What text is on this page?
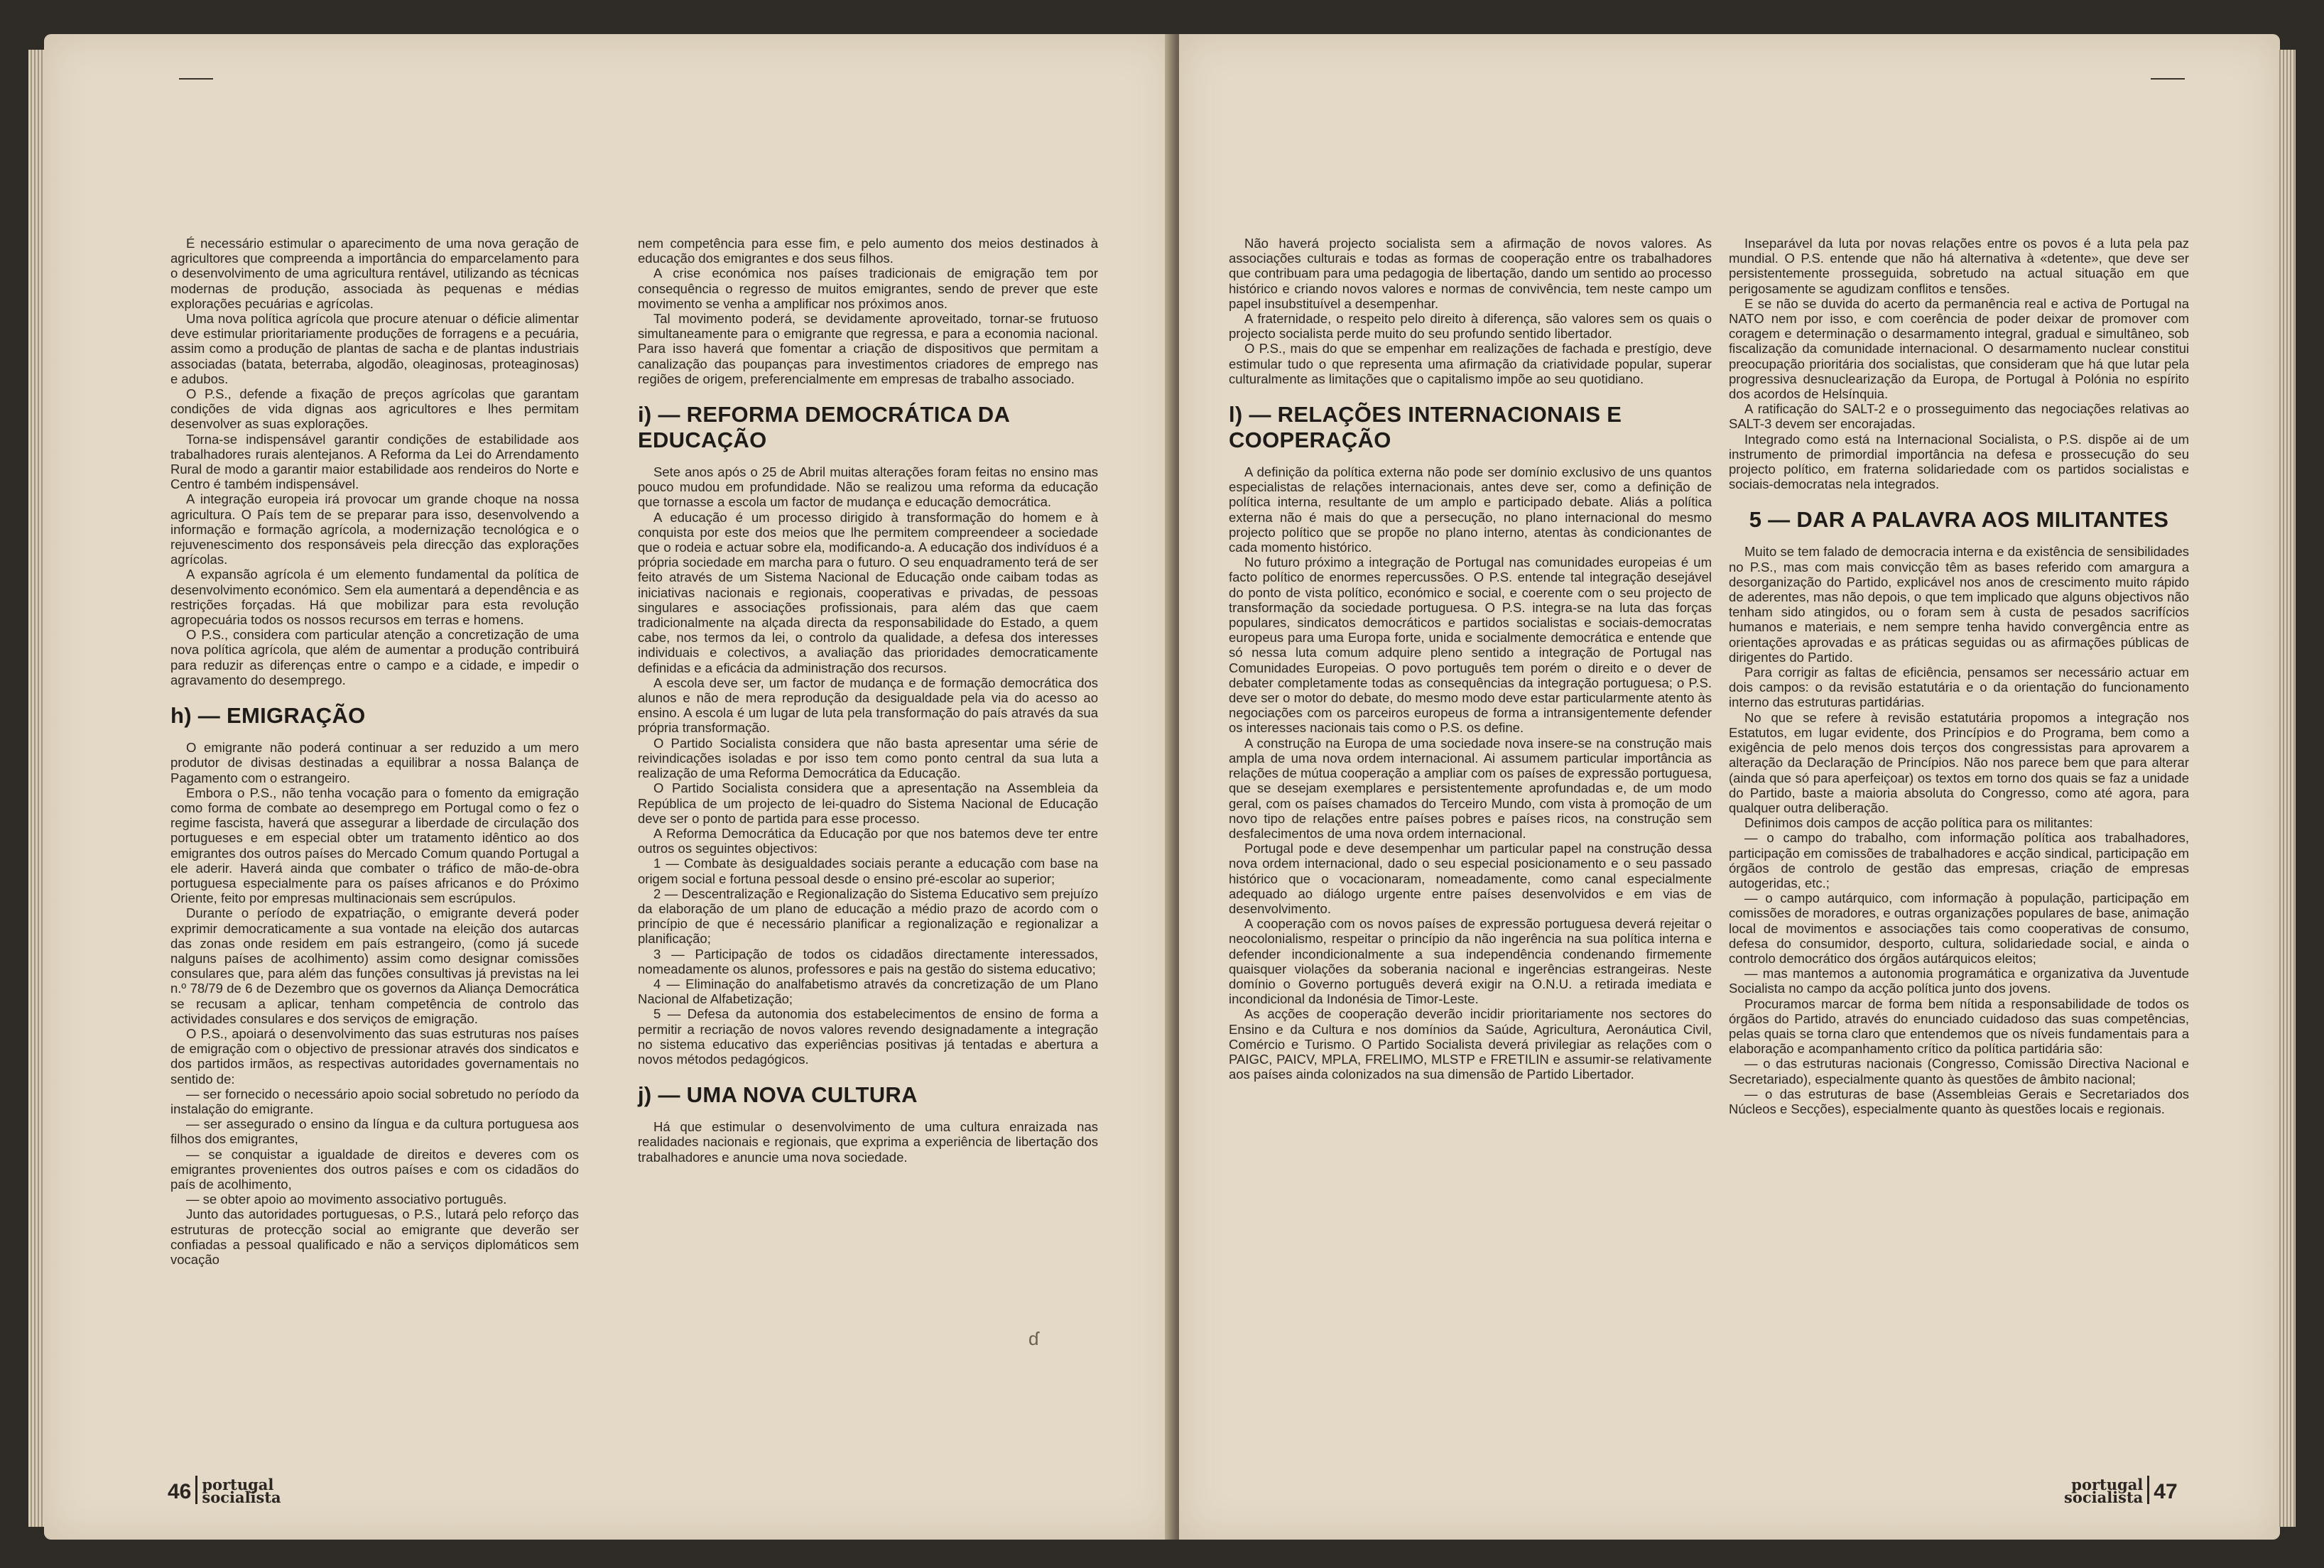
É necessário estimular o aparecimento de uma nova geração de agricultores que compreenda a importância do emparcelamento para o desenvolvimento de uma agricultura rentável, utilizando as técnicas modernas de produção, associada às pequenas e médias explorações pecuárias e agrícolas.

Uma nova política agrícola que procure atenuar o déficie alimentar deve estimular prioritariamente produções de forragens e a pecuária, assim como a produção de plantas de sacha e de plantas industriais associadas (batata, beterraba, algodão, oleaginosas, proteaginosas) e adubos.

O P.S., defende a fixação de preços agrícolas que garantam condições de vida dignas aos agricultores e lhes permitam desenvolver as suas explorações.

Torna-se indispensável garantir condições de estabilidade aos trabalhadores rurais alentejanos. A Reforma da Lei do Arrendamento Rural de modo a garantir maior estabilidade aos rendeiros do Norte e Centro é também indispensável.

A integração europeia irá provocar um grande choque na nossa agricultura. O País tem de se preparar para isso, desenvolvendo a informação e formação agrícola, a modernização tecnológica e o rejuvenescimento dos responsáveis pela direcção das explorações agrícolas.

A expansão agrícola é um elemento fundamental da política de desenvolvimento económico. Sem ela aumentará a dependência e as restrições forçadas. Há que mobilizar para esta revolução agropecuária todos os nossos recursos em terras e homens.

O P.S., considera com particular atenção a concretização de uma nova política agrícola, que além de aumentar a produção contribuirá para reduzir as diferenças entre o campo e a cidade, e impedir o agravamento do desemprego.

h) — EMIGRAÇÃO

O emigrante não poderá continuar a ser reduzido a um mero produtor de divisas destinadas a equilibrar a nossa Balança de Pagamento com o estrangeiro.

Embora o P.S., não tenha vocação para o fomento da emigração como forma de combate ao desemprego em Portugal como o fez o regime fascista, haverá que assegurar a liberdade de circulação dos portugueses e em especial obter um tratamento idêntico ao dos emigrantes dos outros países do Mercado Comum quando Portugal a ele aderir. Haverá ainda que combater o tráfico de mão-de-obra portuguesa especialmente para os países africanos e do Próximo Oriente, feito por empresas multinacionais sem escrúpulos.

Durante o período de expatriação, o emigrante deverá poder exprimir democraticamente a sua vontade na eleição dos autarcas das zonas onde residem em país estrangeiro, (como já sucede nalguns países de acolhimento) assim como designar comissões consulares que, para além das funções consultivas já previstas na lei n.º 78/79 de 6 de Dezembro que os governos da Aliança Democrática se recusam a aplicar, tenham competência de controlo das actividades consulares e dos serviços de emigração.

O P.S., apoiará o desenvolvimento das suas estruturas nos países de emigração com o objectivo de pressionar através dos sindicatos e dos partidos irmãos, as respectivas autoridades governamentais no sentido de:

— ser fornecido o necessário apoio social sobretudo no período da instalação do emigrante.

— ser assegurado o ensino da língua e da cultura portuguesa aos filhos dos emigrantes,

— se conquistar a igualdade de direitos e deveres com os emigrantes provenientes dos outros países e com os cidadãos do país de acolhimento,

— se obter apoio ao movimento associativo português.

Junto das autoridades portuguesas, o P.S., lutará pelo reforço das estruturas de protecção social ao emigrante que deverão ser confiadas a pessoal qualificado e não a serviços diplomáticos sem vocação

nem competência para esse fim, e pelo aumento dos meios destinados à educação dos emigrantes e dos seus filhos.

A crise económica nos países tradicionais de emigração tem por consequência o regresso de muitos emigrantes, sendo de prever que este movimento se venha a amplificar nos próximos anos.

Tal movimento poderá, se devidamente aproveitado, tornar-se frutuoso simultaneamente para o emigrante que regressa, e para a economia nacional. Para isso haverá que fomentar a criação de dispositivos que permitam a canalização das poupanças para investimentos criadores de emprego nas regiões de origem, preferencialmente em empresas de trabalho associado.

i) — REFORMA DEMOCRÁTICA DA EDUCAÇÃO

Sete anos após o 25 de Abril muitas alterações foram feitas no ensino mas pouco mudou em profundidade. Não se realizou uma reforma da educação que tornasse a escola um factor de mudança e educação democrática.

A educação é um processo dirigido à transformação do homem e à conquista por este dos meios que lhe permitem compreendeer a sociedade que o rodeia e actuar sobre ela, modificando-a. A educação dos indivíduos é a própria sociedade em marcha para o futuro. O seu enquadramento terá de ser feito através de um Sistema Nacional de Educação onde caibam todas as iniciativas nacionais e regionais, cooperativas e privadas, de pessoas singulares e associações profissionais, para além das que caem tradicionalmente na alçada directa da responsabilidade do Estado, a quem cabe, nos termos da lei, o controlo da qualidade, a defesa dos interesses individuais e colectivos, a avaliação das prioridades democraticamente definidas e a eficácia da administração dos recursos.

A escola deve ser, um factor de mudança e de formação democrática dos alunos e não de mera reprodução da desigualdade pela via do acesso ao ensino. A escola é um lugar de luta pela transformação do país através da sua própria transformação.

O Partido Socialista considera que não basta apresentar uma série de reivindicações isoladas e por isso tem como ponto central da sua luta a realização de uma Reforma Democrática da Educação.

O Partido Socialista considera que a apresentação na Assembleia da República de um projecto de lei-quadro do Sistema Nacional de Educação deve ser o ponto de partida para esse processo.

A Reforma Democrática da Educação por que nos batemos deve ter entre outros os seguintes objectivos:

1 — Combate às desigualdades sociais perante a educação com base na origem social e fortuna pessoal desde o ensino pré-escolar ao superior;

2 — Descentralização e Regionalização do Sistema Educativo sem prejuízo da elaboração de um plano de educação a médio prazo de acordo com o princípio de que é necessário planificar a regionalização e regionalizar a planificação;

3 — Participação de todos os cidadãos directamente interessados, nomeadamente os alunos, professores e pais na gestão do sistema educativo;

4 — Eliminação do analfabetismo através da concretização de um Plano Nacional de Alfabetização;

5 — Defesa da autonomia dos estabelecimentos de ensino de forma a permitir a recriação de novos valores revendo designadamente a integração no sistema educativo das experiências positivas já tentadas e abertura a novos métodos pedagógicos.

j) — UMA NOVA CULTURA

Há que estimular o desenvolvimento de uma cultura enraizada nas realidades nacionais e regionais, que exprima a experiência de libertação dos trabalhadores e anuncie uma nova sociedade.

Não haverá projecto socialista sem a afirmação de novos valores. As associações culturais e todas as formas de cooperação entre os trabalhadores que contribuam para uma pedagogia de libertação, dando um sentido ao processo histórico e criando novos valores e normas de convivência, tem neste campo um papel insubstituível a desempenhar.

A fraternidade, o respeito pelo direito à diferença, são valores sem os quais o projecto socialista perde muito do seu profundo sentido libertador.

O P.S., mais do que se empenhar em realizações de fachada e prestígio, deve estimular tudo o que representa uma afirmação da criatividade popular, superar culturalmente as limitações que o capitalismo impõe ao seu quotidiano.

l) — RELAÇÕES INTERNACIONAIS E COOPERAÇÃO

A definição da política externa não pode ser domínio exclusivo de uns quantos especialistas de relações internacionais, antes deve ser, como a definição de política interna, resultante de um amplo e participado debate. Aliás a política externa não é mais do que a persecução, no plano internacional do mesmo projecto político que se propõe no plano interno, atentas às condicionantes de cada momento histórico.

No futuro próximo a integração de Portugal nas comunidades europeias é um facto político de enormes repercussões. O P.S. entende tal integração desejável do ponto de vista político, económico e social, e coerente com o seu projecto de transformação da sociedade portuguesa. O P.S. integra-se na luta das forças populares, sindicatos democráticos e partidos socialistas e sociais-democratas europeus para uma Europa forte, unida e socialmente democrática e entende que só nessa luta comum adquire pleno sentido a integração de Portugal nas Comunidades Europeias. O povo português tem porém o direito e o dever de debater completamente todas as consequências da integração portuguesa; o P.S. deve ser o motor do debate, do mesmo modo deve estar particularmente atento às negociações com os parceiros europeus de forma a intransigentemente defender os interesses nacionais tais como o P.S. os define.

A construção na Europa de uma sociedade nova insere-se na construção mais ampla de uma nova ordem internacional. Ai assumem particular importância as relações de mútua cooperação a ampliar com os países de expressão portuguesa, que se desejam exemplares e persistentemente aprofundadas e, de um modo geral, com os países chamados do Terceiro Mundo, com vista à promoção de um novo tipo de relações entre países pobres e países ricos, na construção sem desfalecimentos de uma nova ordem internacional.

Portugal pode e deve desempenhar um particular papel na construção dessa nova ordem internacional, dado o seu especial posicionamento e o seu passado histórico que o vocacionaram, nomeadamente, como canal especialmente adequado ao diálogo urgente entre países desenvolvidos e em vias de desenvolvimento.

A cooperação com os novos países de expressão portuguesa deverá rejeitar o neocolonialismo, respeitar o princípio da não ingerência na sua política interna e defender incondicionalmente a sua independência condenando firmemente quaisquer violações da soberania nacional e ingerências estrangeiras. Neste domínio o Governo português deverá exigir na O.N.U. a retirada imediata e incondicional da Indonésia de Timor-Leste.

As acções de cooperação deverão incidir prioritariamente nos sectores do Ensino e da Cultura e nos domínios da Saúde, Agricultura, Aeronáutica Civil, Comércio e Turismo. O Partido Socialista deverá privilegiar as relações com o PAIGC, PAICV, MPLA, FRELIMO, MLSTP e FRETILIN e assumir-se relativamente aos países ainda colonizados na sua dimensão de Partido Libertador.

Inseparável da luta por novas relações entre os povos é a luta pela paz mundial. O P.S. entende que não há alternativa à «detente», que deve ser persistentemente prosseguida, sobretudo na actual situação em que perigosamente se agudizam conflitos e tensões.

E se não se duvida do acerto da permanência real e activa de Portugal na NATO nem por isso, e com coerência de poder deixar de promover com coragem e determinação o desarmamento integral, gradual e simultâneo, sob fiscalização da comunidade internacional. O desarmamento nuclear constitui preocupação prioritária dos socialistas, que consideram que há que lutar pela progressiva desnuclearização da Europa, de Portugal à Polónia no espírito dos acordos de Helsínquia.

A ratificação do SALT-2 e o prosseguimento das negociações relativas ao SALT-3 devem ser encorajadas.

Integrado como está na Internacional Socialista, o P.S. dispõe ai de um instrumento de primordial importância na defesa e prossecução do seu projecto político, em fraterna solidariedade com os partidos socialistas e sociais-democratas nela integrados.

5 — DAR A PALAVRA AOS MILITANTES

Muito se tem falado de democracia interna e da existência de sensibilidades no P.S., mas com mais convicção têm as bases referido com amargura a desorganização do Partido, explicável nos anos de crescimento muito rápido de aderentes, mas não depois, o que tem implicado que alguns objectivos não tenham sido atingidos, ou o foram sem à custa de pesados sacrifícios humanos e materiais, e nem sempre tenha havido convergência entre as orientações aprovadas e as práticas seguidas ou as afirmações públicas de dirigentes do Partido.

Para corrigir as faltas de eficiência, pensamos ser necessário actuar em dois campos: o da revisão estatutária e o da orientação do funcionamento interno das estruturas partidárias.

No que se refere à revisão estatutária propomos a integração nos Estatutos, em lugar evidente, dos Princípios e do Programa, bem como a exigência de pelo menos dois terços dos congressistas para aprovarem a alteração da Declaração de Princípios. Não nos parece bem que para alterar (ainda que só para aperfeiçoar) os textos em torno dos quais se faz a unidade do Partido, baste a maioria absoluta do Congresso, como até agora, para qualquer outra deliberação.

Definimos dois campos de acção política para os militantes:

— o campo do trabalho, com informação política aos trabalhadores, participação em comissões de trabalhadores e acção sindical, participação em órgãos de controlo de gestão das empresas, criação de empresas autogeridas, etc.;

— o campo autárquico, com informação à população, participação em comissões de moradores, e outras organizações populares de base, animação local de movimentos e associações tais como cooperativas de consumo, defesa do consumidor, desporto, cultura, solidariedade social, e ainda o controlo democrático dos órgãos autárquicos eleitos;

— mas mantemos a autonomia programática e organizativa da Juventude Socialista no campo da acção política junto dos jovens.

Procuramos marcar de forma bem nítida a responsabilidade de todos os órgãos do Partido, através do enunciado cuidadoso das suas competências, pelas quais se torna claro que entendemos que os níveis fundamentais para a elaboração e acompanhamento crítico da política partidária são:

— o das estruturas nacionais (Congresso, Comissão Directiva Nacional e Secretariado), especialmente quanto às questões de âmbito nacional;

— o das estruturas de base (Assembleias Gerais e Secretariados dos Núcleos e Secções), especialmente quanto às questões locais e regionais.

ɗ
46 portugal
socialista
portugal
socialista 47
